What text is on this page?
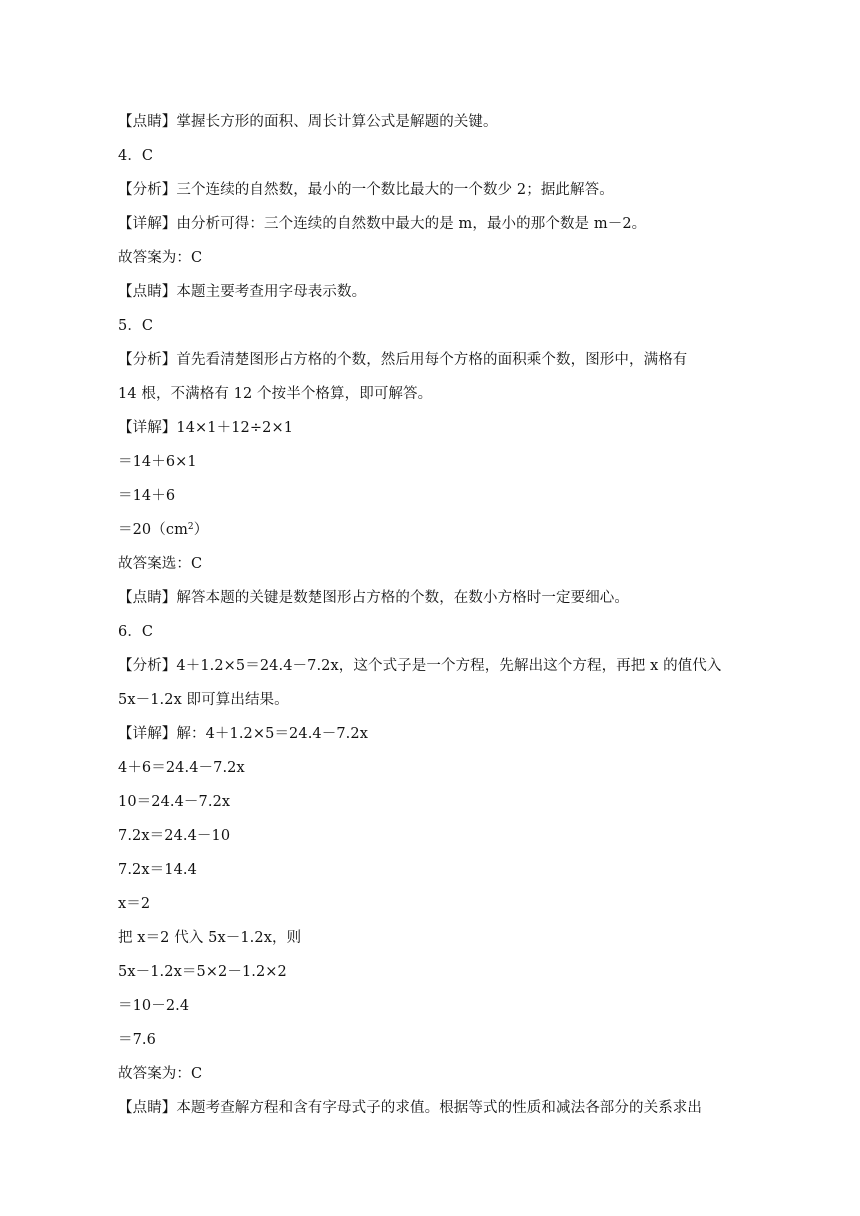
【点睛】掌握长方形的面积、周长计算公式是解题的关键。
4．C
【分析】三个连续的自然数，最小的一个数比最大的一个数少 2；据此解答。
【详解】由分析可得：三个连续的自然数中最大的是 m，最小的那个数是 m－2。
故答案为：C
【点睛】本题主要考查用字母表示数。
5．C
【分析】首先看清楚图形占方格的个数，然后用每个方格的面积乘个数，图形中，满格有
14 根，不满格有 12 个按半个格算，即可解答。
【详解】14×1＋12÷2×1
＝14＋6×1
＝14＋6
$=20(cm^2)$
故答案选：C
【点睛】解答本题的关键是数楚图形占方格的个数，在数小方格时一定要细心。
6．C
【分析】4＋1.2×5＝24.4－7.2x，这个式子是一个方程，先解出这个方程，再把 x 的值代入
5x－1.2x 即可算出结果。
【详解】解：4＋1.2×5＝24.4－7.2x
4＋6＝24.4－7.2x
10＝24.4－7.2x
7.2x＝24.4－10
7.2x＝14.4
x＝2
把 x＝2 代入 5x－1.2x，则
5x－1.2x＝5×2－1.2×2
＝10－2.4
＝7.6
故答案为：C
【点睛】本题考查解方程和含有字母式子的求值。根据等式的性质和减法各部分的关系求出
